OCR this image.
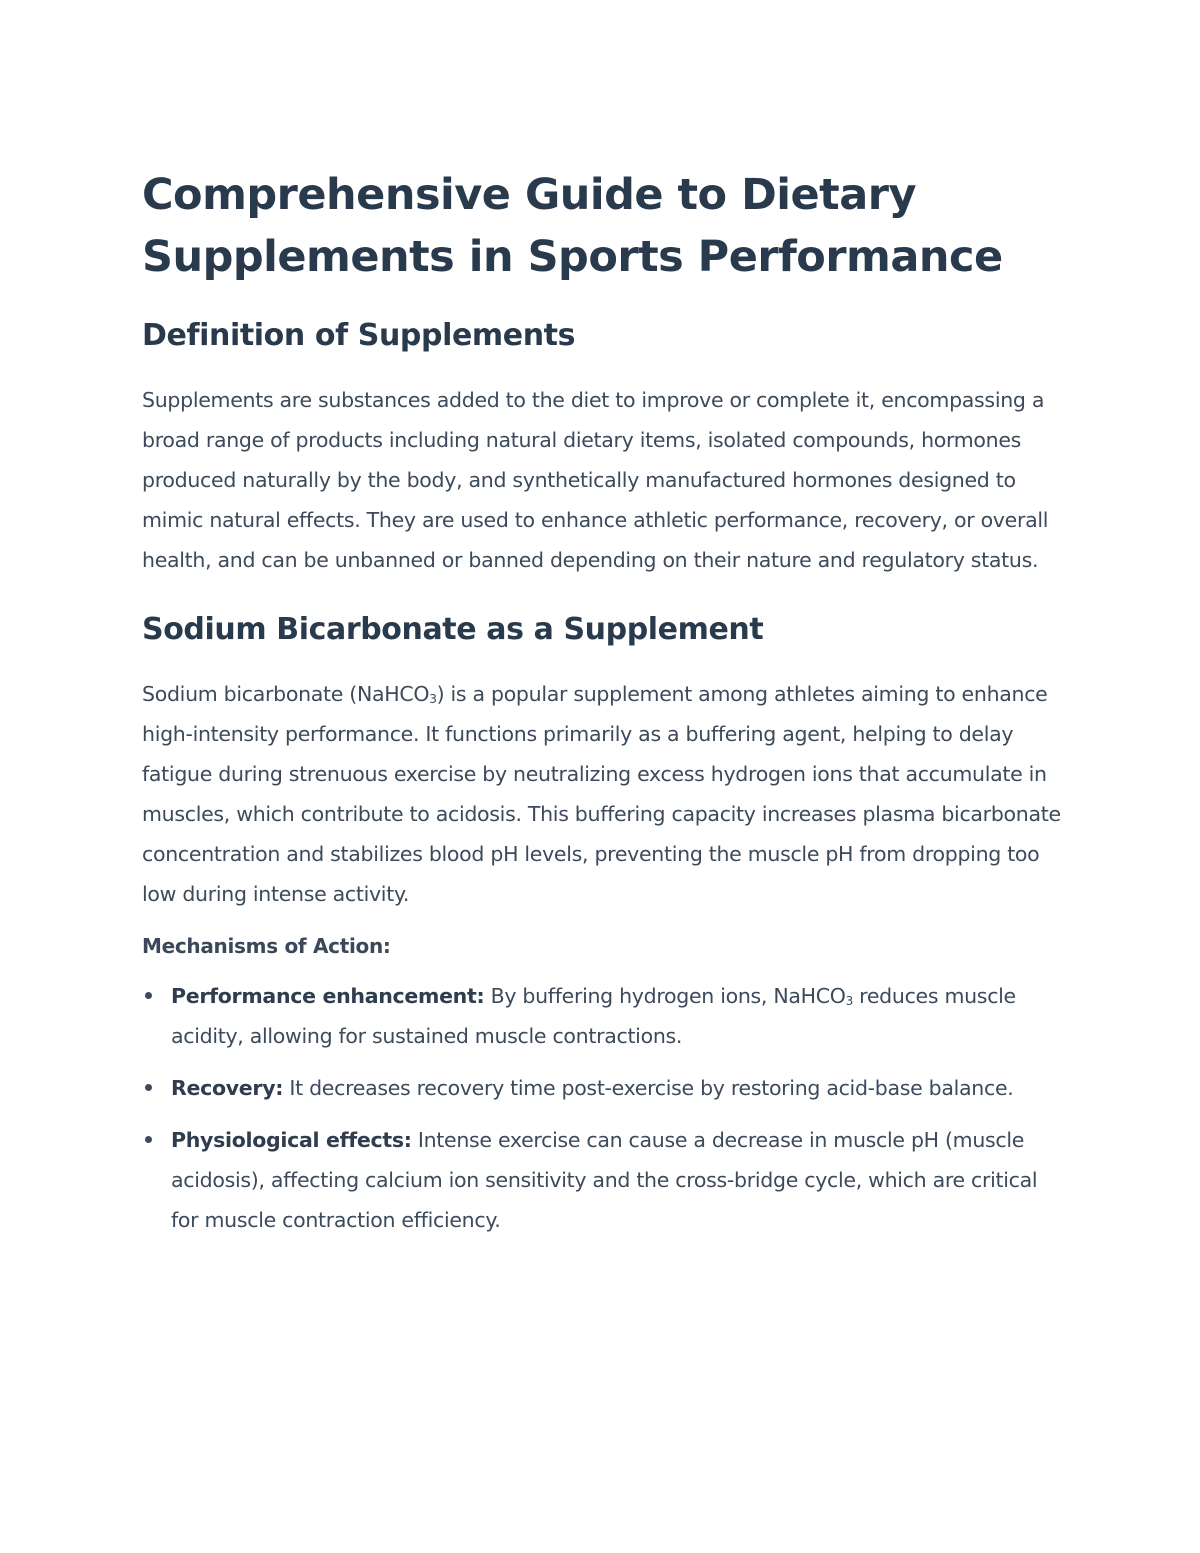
Comprehensive Guide to Dietary Supplements in Sports Performance
Definition of Supplements

Supplements are substances added to the diet to improve or complete it, encompassing a broad range of products including natural dietary items, isolated compounds, hormones produced naturally by the body, and synthetically manufactured hormones designed to mimic natural effects. They are used to enhance athletic performance, recovery, or overall health, and can be unbanned or banned depending on their nature and regulatory status.

Sodium Bicarbonate as a Supplement

Sodium bicarbonate (NaHCO$_3$) is a popular supplement among athletes aiming to enhance high-intensity performance. It functions primarily as a buffering agent, helping to delay fatigue during strenuous exercise by neutralizing excess hydrogen ions that accumulate in muscles, which contribute to acidosis. This buffering capacity increases plasma bicarbonate concentration and stabilizes blood pH levels, preventing the muscle pH from dropping too low during intense activity.

Mechanisms of Action:

Performance enhancement: By buffering hydrogen ions, NaHCO$_3$ reduces muscle acidity, allowing for sustained muscle contractions.
Recovery: It decreases recovery time post-exercise by restoring acid-base balance.
Physiological effects: Intense exercise can cause a decrease in muscle pH (muscle acidosis), affecting calcium ion sensitivity and the cross-bridge cycle, which are critical for muscle contraction efficiency.
